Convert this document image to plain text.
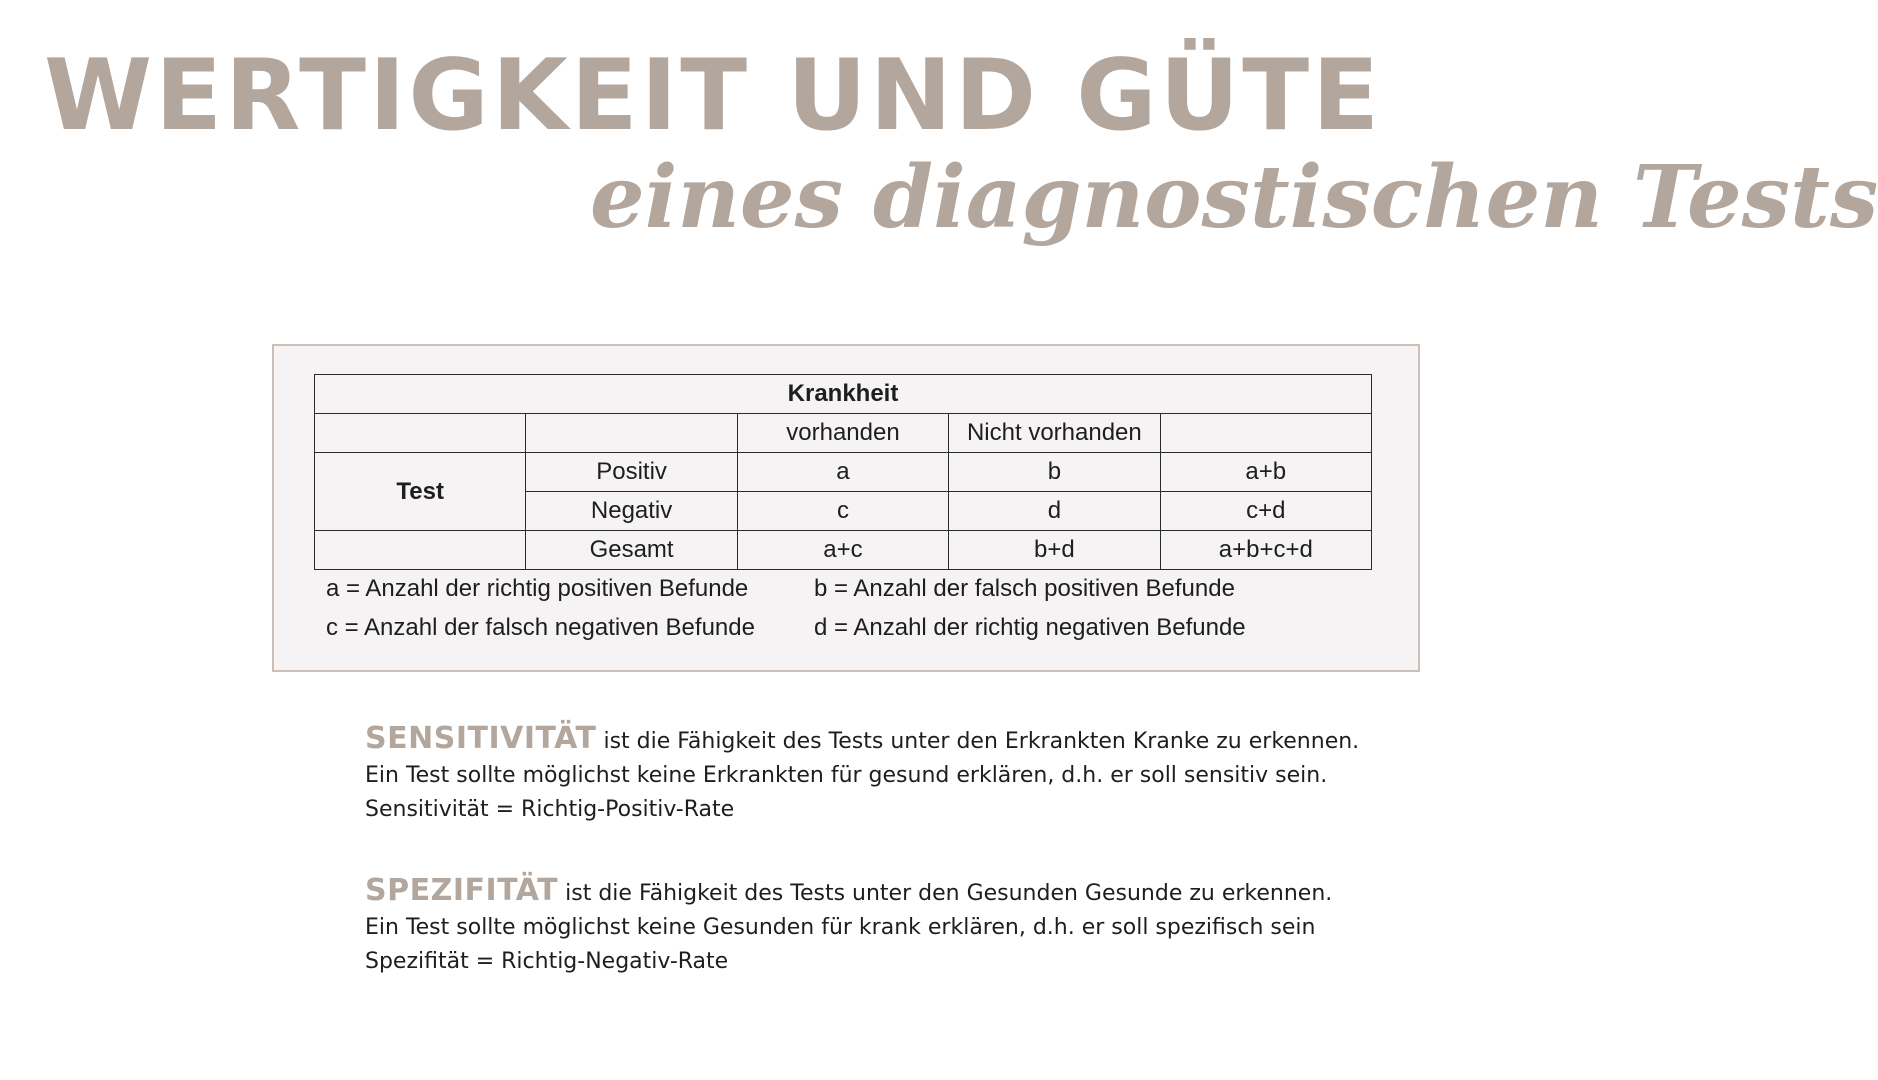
WERTIGKEIT UND GÜTE
eines diagnostischen Tests
Krankheit				
		vorhanden	Nicht vorhanden	
Test	Positiv	a	b	a+b
	Negativ	c	d	c+d
	Gesamt	a+c	b+d	a+b+c+d
a = Anzahl der richtig positiven Befunde	b = Anzahl der falsch positiven Befunde
c = Anzahl der falsch negativen Befunde d = Anzahl der richtig negativen Befunde

SENSITIVITÄT ist die Fähigkeit des Tests unter den Erkrankten Kranke zu erkennen.

Ein Test sollte möglichst keine Erkrankten für gesund erklären, d.h. er soll sensitiv sein.

Sensitivität = Richtig-Positiv-Rate

SPEZIFITÄT ist die Fähigkeit des Tests unter den Gesunden Gesunde zu erkennen.

Ein Test sollte möglichst keine Gesunden für krank erklären, d.h. er soll spezifisch sein

Spezifität = Richtig-Negativ-Rate
